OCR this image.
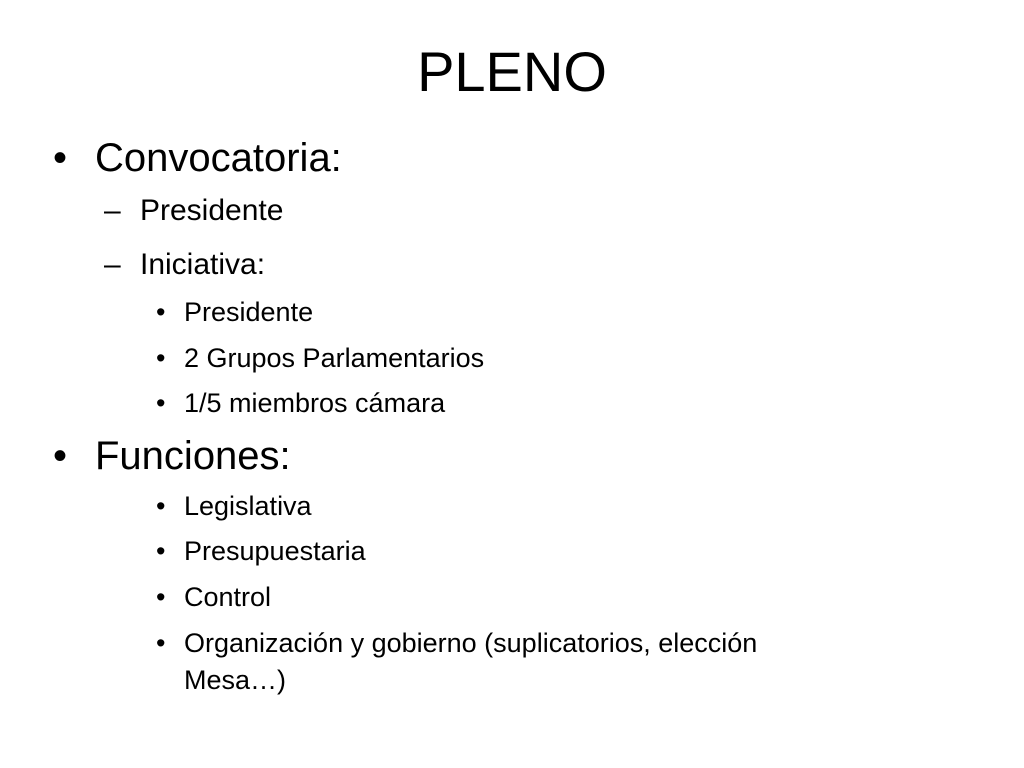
PLENO
• Convocatoria:
– Presidente
– Iniciativa:
• Presidente
• 2 Grupos Parlamentarios
• 1/5 miembros cámara
• Funciones:
• Legislativa
• Presupuestaria
• Control
• Organización y gobierno (suplicatorios, elección
Mesa…)
